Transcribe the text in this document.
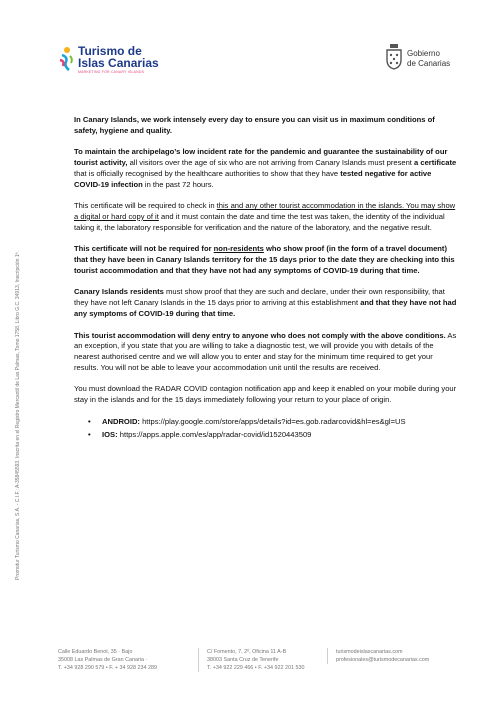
Turismo de
Islas Canarias
MARKETING FOR CANARY ISLANDS
Gobierno
de Canarias
Promotur Turismo Canarias, S.A. - C.I.F.: A-35845593. Inscrita en el Registro Mercantil de Las Palmas, Tomo 1758, Libro G.C. 34913, Inscripción 1ª.

In Canary Islands, we work intensely every day to ensure you can visit us in maximum conditions of safety, hygiene and quality.

To maintain the archipelago’s low incident rate for the pandemic and guarantee the sustainability of our tourist activity, all visitors over the age of six who are not arriving from Canary Islands must present a certificate that is officially recognised by the healthcare authorities to show that they have tested negative for active COVID-19 infection in the past 72 hours.

This certificate will be required to check in this and any other tourist accommodation in the islands. You may show a digital or hard copy of it and it must contain the date and time the test was taken, the identity of the individual taking it, the laboratory responsible for verification and the nature of the laboratory, and the negative result.

This certificate will not be required for non-residents who show proof (in the form of a travel document) that they have been in Canary Islands territory for the 15 days prior to the date they are checking into this tourist accommodation and that they have not had any symptoms of COVID-19 during that time.

Canary Islands residents must show proof that they are such and declare, under their own responsibility, that they have not left Canary Islands in the 15 days prior to arriving at this establishment and that they have not had any symptoms of COVID-19 during that time.

This tourist accommodation will deny entry to anyone who does not comply with the above conditions. As an exception, if you state that you are willing to take a diagnostic test, we will provide you with details of the nearest authorised centre and we will allow you to enter and stay for the minimum time required to get your results. You will not be able to leave your accommodation unit until the results are received.

You must download the RADAR COVID contagion notification app and keep it enabled on your mobile during your stay in the islands and for the 15 days immediately following your return to your place of origin.

• ANDROID: https://play.google.com/store/apps/details?id=es.gob.radarcovid&hl=es&gl=US
• IOS: https://apps.apple.com/es/app/radar-covid/id1520443509
Calle Eduardo Benot, 35 · Bajo
35008 Las Palmas de Gran Canaria ·
T. +34 928 290 579 • F. + 34 928 234 289
C/ Fomento, 7, 2º, Oficina 11 A-B
38003 Santa Cruz de Tenerife
T. +34 922 229 466 • F. +34 922 201 530
turismodeislascanarias.com
profesionales@turismodecanarias.com
